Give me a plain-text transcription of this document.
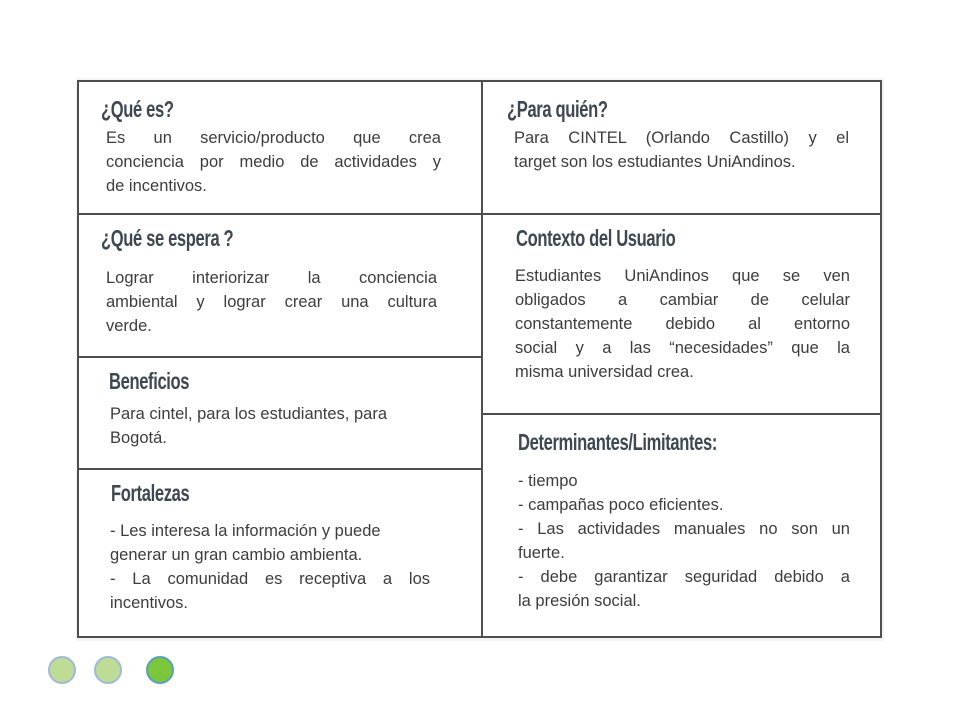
¿Qué es?
Es un servicio/producto que crea
conciencia por medio de actividades y
de incentivos.
¿Qué se espera ?
Lograr interiorizar la conciencia
ambiental y lograr crear una cultura
verde.
Beneficios
Para cintel, para los estudiantes, para
Bogotá.
Fortalezas
- Les interesa la información y puede
generar un gran cambio ambienta.
- La comunidad es receptiva a los
incentivos.
¿Para quién?
Para CINTEL (Orlando Castillo) y el
target son los estudiantes UniAndinos.
Contexto del Usuario
Estudiantes UniAndinos que se ven
obligados a cambiar de celular
constantemente debido al entorno
social y a las “necesidades” que la
misma universidad crea.
Determinantes/Limitantes:
- tiempo
- campañas poco eficientes.
- Las actividades manuales no son un
fuerte.
- debe garantizar seguridad debido a
la presión social.
